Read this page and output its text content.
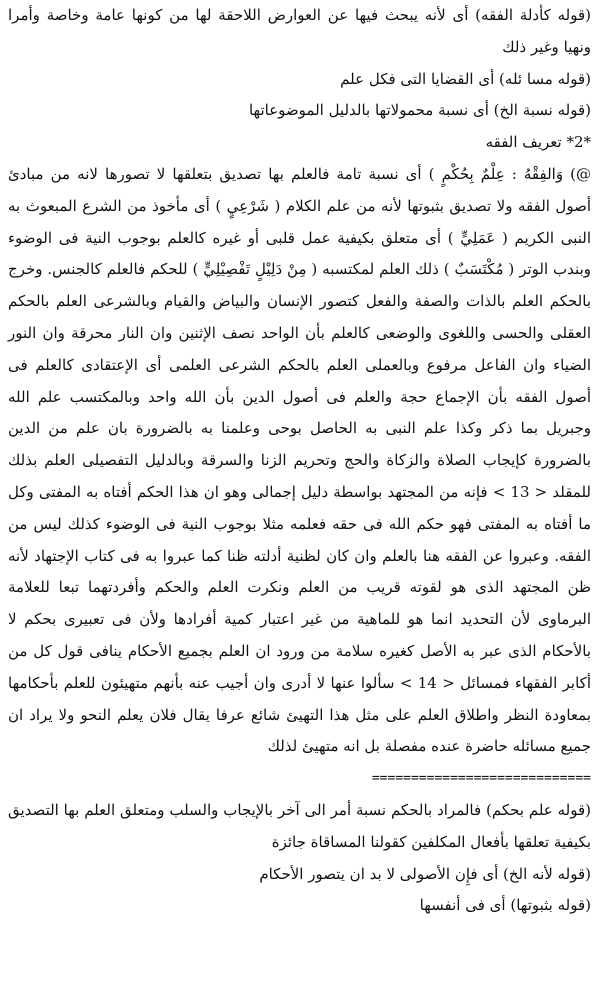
(قوله كأدلة الفقه) أى لأنه يبحث فيها عن العوارض اللاحقة لها من كونها عامة وخاصة وأمرا ونهيا وغير ذلك
(قوله مسا ئله) أى القضايا التى فكل علم
(قوله نسبة الخ) أى نسبة محمولاتها بالدليل الموضوعاتها
*2* تعريف الفقه
@) وَالفِقْهُ : عِلْمٌ بِحُكْمٍ ) أى نسبة تامة فالعلم بها تصديق بتعلقها لا تصورها لانه من مبادئ أصول الفقه ولا تصديق بثبوتها لأنه من علم الكلام ( شَرْعِيٍ ) أى مأخوذ من الشرع المبعوث به النبى الكريم ( عَمَلِيٍّ ) أى متعلق بكيفية عمل قلبى أو غيره كالعلم بوجوب النية فى الوضوء وبندب الوتر ( مُكْتَسَبٌ ) ذلك العلم لمكتسبه ( مِنْ دَلِيْلٍ تَفْصِيْلِيٍّ ) للحكم فالعلم كالجنس. وخرج بالحكم العلم بالذات والصفة والفعل كتصور الإنسان والبياض والقيام وبالشرعى العلم بالحكم العقلى والحسى واللغوى والوضعى كالعلم بأن الواحد نصف الإثنين وان النار محرقة وان النور الضياء وان الفاعل مرفوع وبالعملى العلم بالحكم الشرعى العلمى أى الإعتقادى كالعلم فى أصول الفقه بأن الإجماع حجة والعلم فى أصول الدين بأن الله واحد وبالمكتسب علم الله وجبريل بما ذكر وكذا علم النبى به الحاصل بوحى وعلمنا به بالضرورة بان علم من الدين بالضرورة كإيجاب الصلاة والزكاة والحج وتحريم الزنا والسرقة وبالدليل التفصيلى العلم بذلك للمقلد < 13 > فإنه من المجتهد بواسطة دليل إجمالى وهو ان هذا الحكم أفتاه به المفتى وكل ما أفتاه به المفتى فهو حكم الله فى حقه فعلمه مثلا بوجوب النية فى الوضوء كذلك ليس من الفقه. وعبروا عن الفقه هنا بالعلم وان كان لظنية أدلته ظنا كما عبروا به فى كتاب الإجتهاد لأنه ظن المجتهد الذى هو لقوته قريب من العلم ونكرت العلم والحكم وأفردتهما تبعا للعلامة البرماوى لأن التحديد انما هو للماهية من غير اعتبار كمية أفرادها ولأن فى تعبيرى بحكم لا بالأحكام الذى عبر به الأصل كغيره سلامة من ورود ان العلم بجميع الأحكام ينافى قول كل من أكابر الفقهاء فمسائل < 14 > سألوا عنها لا أدرى وان أجيب عنه بأنهم متهيئون للعلم بأحكامها بمعاودة النظر واطلاق العلم على مثل هذا التهيئ شائع عرفا يقال فلان يعلم النحو ولا يراد ان جميع مسائله حاضرة عنده مفصلة بل انه متهيئ لذلك
============================
(قوله علم بحكم) فالمراد بالحكم نسبة أمر الى آخر بالإيجاب والسلب ومتعلق العلم بها التصديق بكيفية تعلقها بأفعال المكلفين كقولنا المساقاة جائزة
(قوله لأنه الخ) أى فإِن الأصولى لا بد ان يتصور الأحكام
(قوله بثبوتها) أى فى أنفسها
